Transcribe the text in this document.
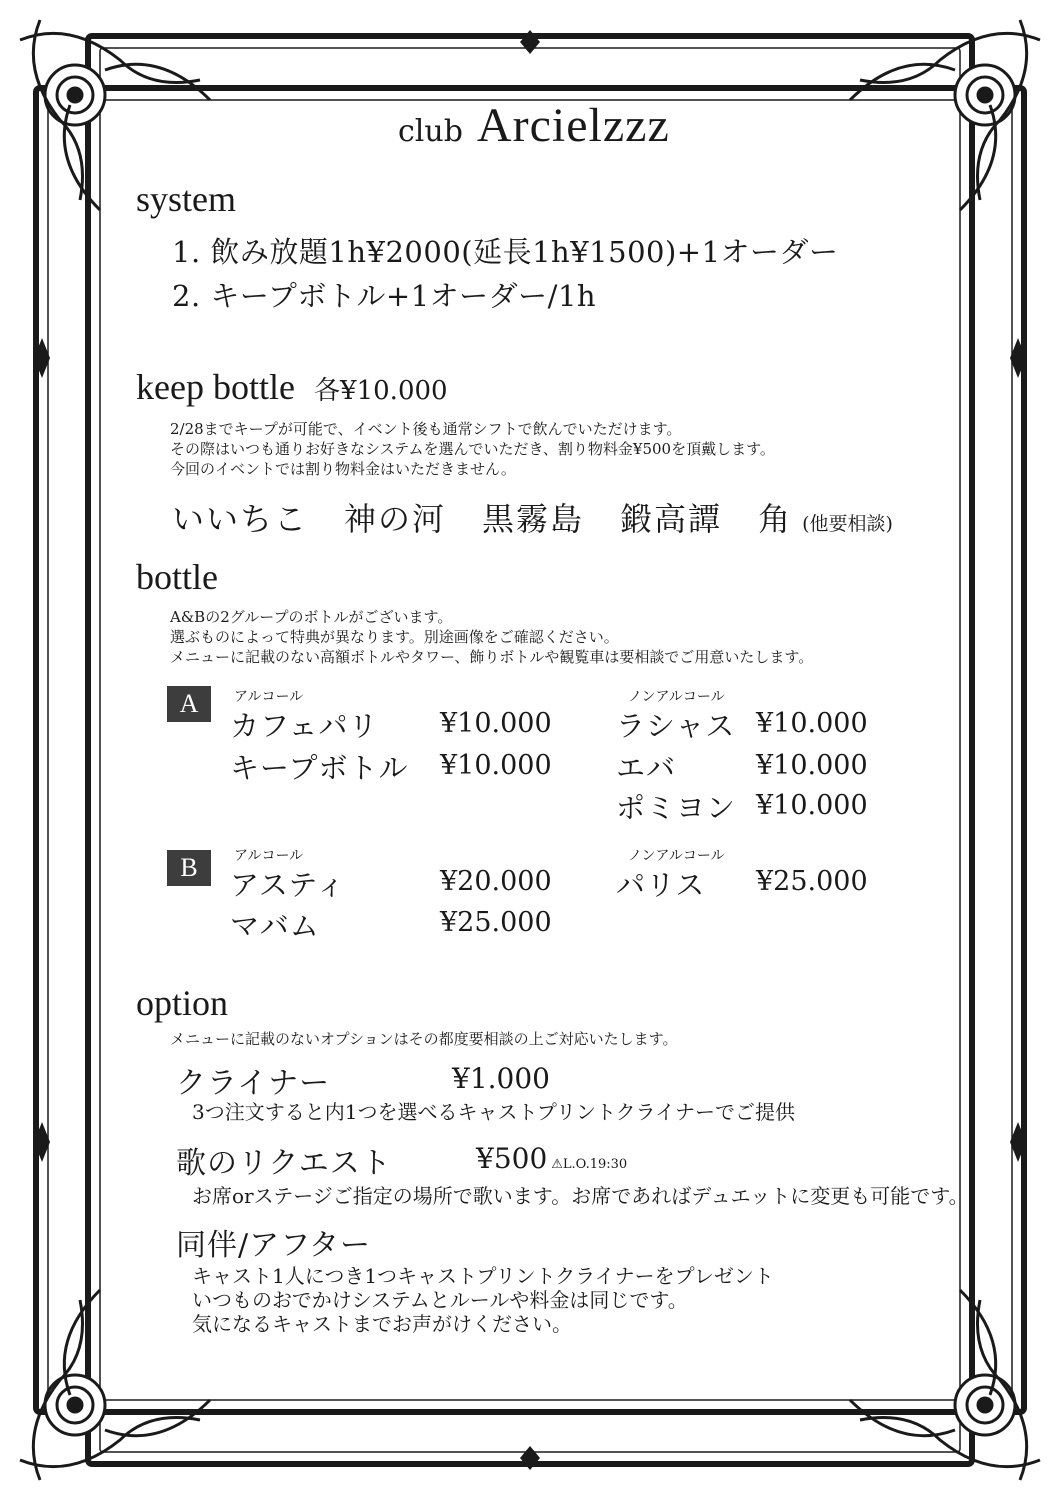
club Arcielzzz
system
1. 飲み放題1h¥2000(延長1h¥1500)+1オーダー
2. キープボトル+1オーダー/1h
keep bottle 各¥10.000
2/28までキープが可能で、イベント後も通常シフトで飲んでいただけます。
その際はいつも通りお好きなシステムを選んでいただき、割り物料金¥500を頂戴します。
今回のイベントでは割り物料金はいただきません。
いいちこ 神の河 黒霧島 鍛高譚 角 (他要相談)
bottle
A&Bの2グループのボトルがございます。
選ぶものによって特典が異なります。別途画像をご確認ください。
メニューに記載のない高額ボトルやタワー、飾りボトルや観覧車は要相談でご用意いたします。
A	アルコール
カフェパリ ¥10.000
キープボトル ¥10.000
ノンアルコール
ラシャス ¥10.000
エバ	¥10.000
ポミヨン ¥10.000
B	アルコール
アスティ	¥20.000
マバム	¥25.000
ノンアルコール
パリス ¥25.000
option
メニューに記載のないオプションはその都度要相談の上ご対応いたします。
クライナー	¥1.000
3つ注文すると内1つを選べるキャストプリントクライナーでご提供
歌のリクエスト	¥500 ⚠L.O.19:30
お席orステージご指定の場所で歌います。お席であればデュエットに変更も可能です。
同伴/アフター
キャスト1人につき1つキャストプリントクライナーをプレゼント
いつものおでかけシステムとルールや料金は同じです。
気になるキャストまでお声がけください。
